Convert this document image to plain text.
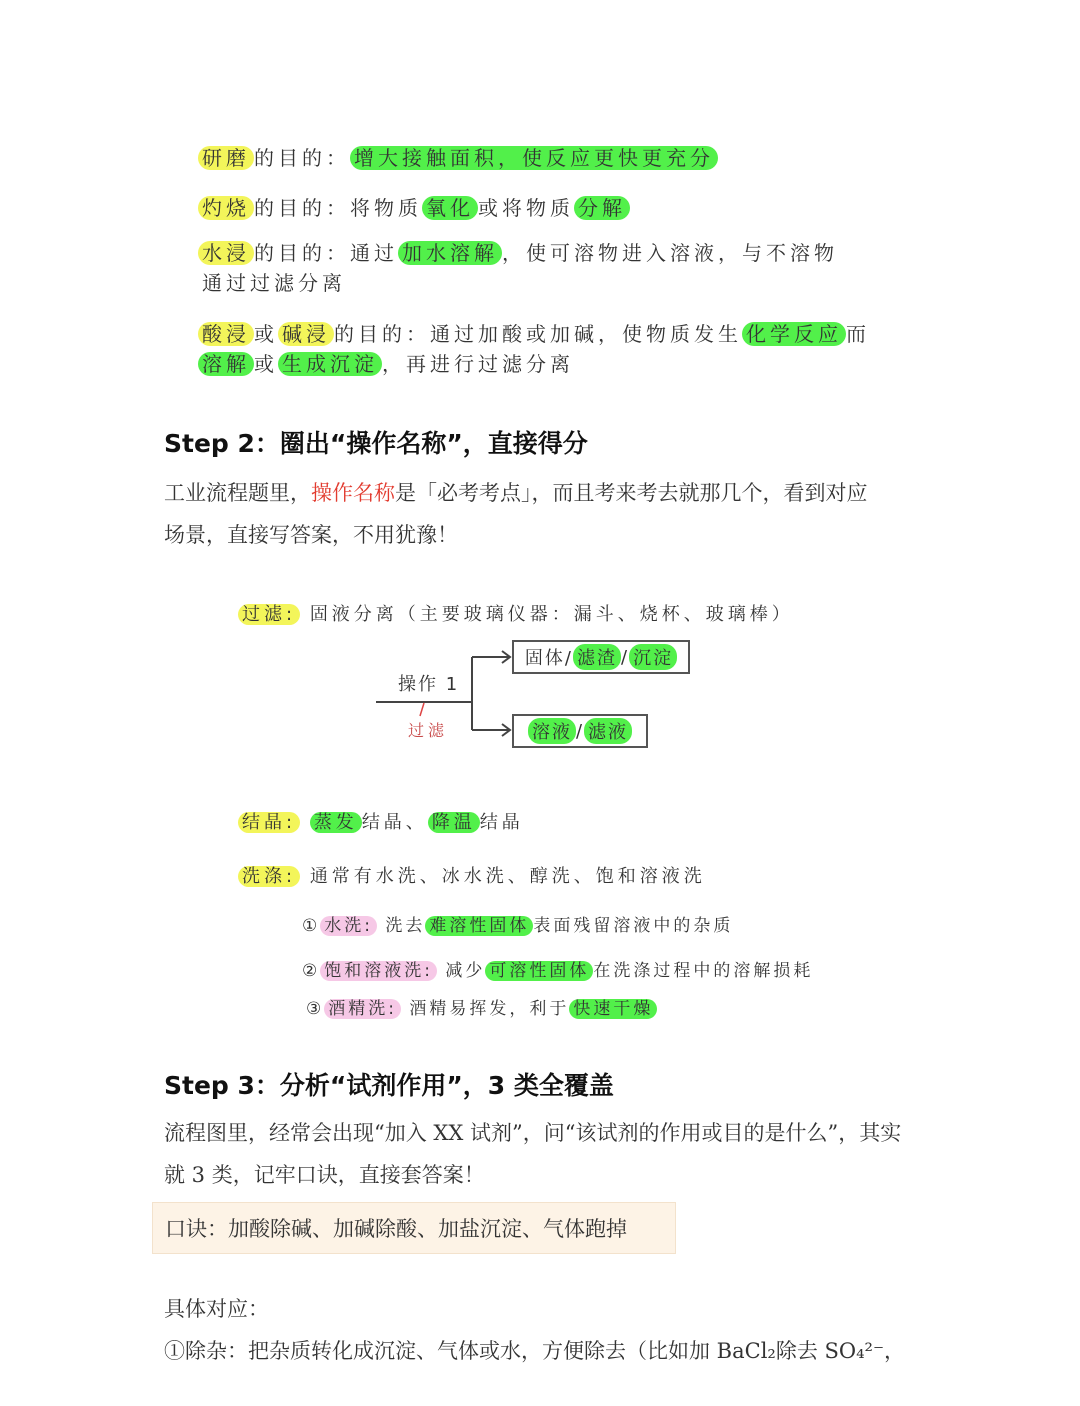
研磨 的目的： 增大接触面积，使反应更快更充分
灼烧 的目的：将物质 氧化 或将物质 分解
水浸 的目的：通过 加水溶解 ，使可溶物进入溶液，与不溶物
通过过滤分离
酸浸 或 碱浸 的目的：通过加酸或加碱，使物质发生 化学反应 而
溶解 或 生成沉淀 ，再进行过滤分离
Step 2：圈出“操作名称”，直接得分
工业流程题里，操作名称是「必考考点」，而且考来考去就那几个，看到对应
场景，直接写答案，不用犹豫！
过滤: 固液分离（主要玻璃仪器：漏斗、烧杯、玻璃棒）
操作 1
过滤
固体/ 滤渣 / 沉淀
溶液 / 滤液
结晶: 蒸发 结晶、 降温 结晶
洗涤: 通常有水洗、冰水洗、醇洗、饱和溶液洗
① 水洗: 洗去 难溶性固体 表面残留溶液中的杂质
② 饱和溶液洗: 减少 可溶性固体 在洗涤过程中的溶解损耗
③ 酒精洗: 酒精易挥发，利于 快速干燥
Step 3：分析“试剂作用”，3 类全覆盖
流程图里，经常会出现“加入 XX 试剂”，问“该试剂的作用或目的是什么”，其实
就 3 类，记牢口诀，直接套答案！
口诀：加酸除碱、加碱除酸、加盐沉淀、气体跑掉
具体对应：
①除杂：把杂质转化成沉淀、气体或水，方便除去（比如加 BaCl₂除去 SO₄²⁻，
